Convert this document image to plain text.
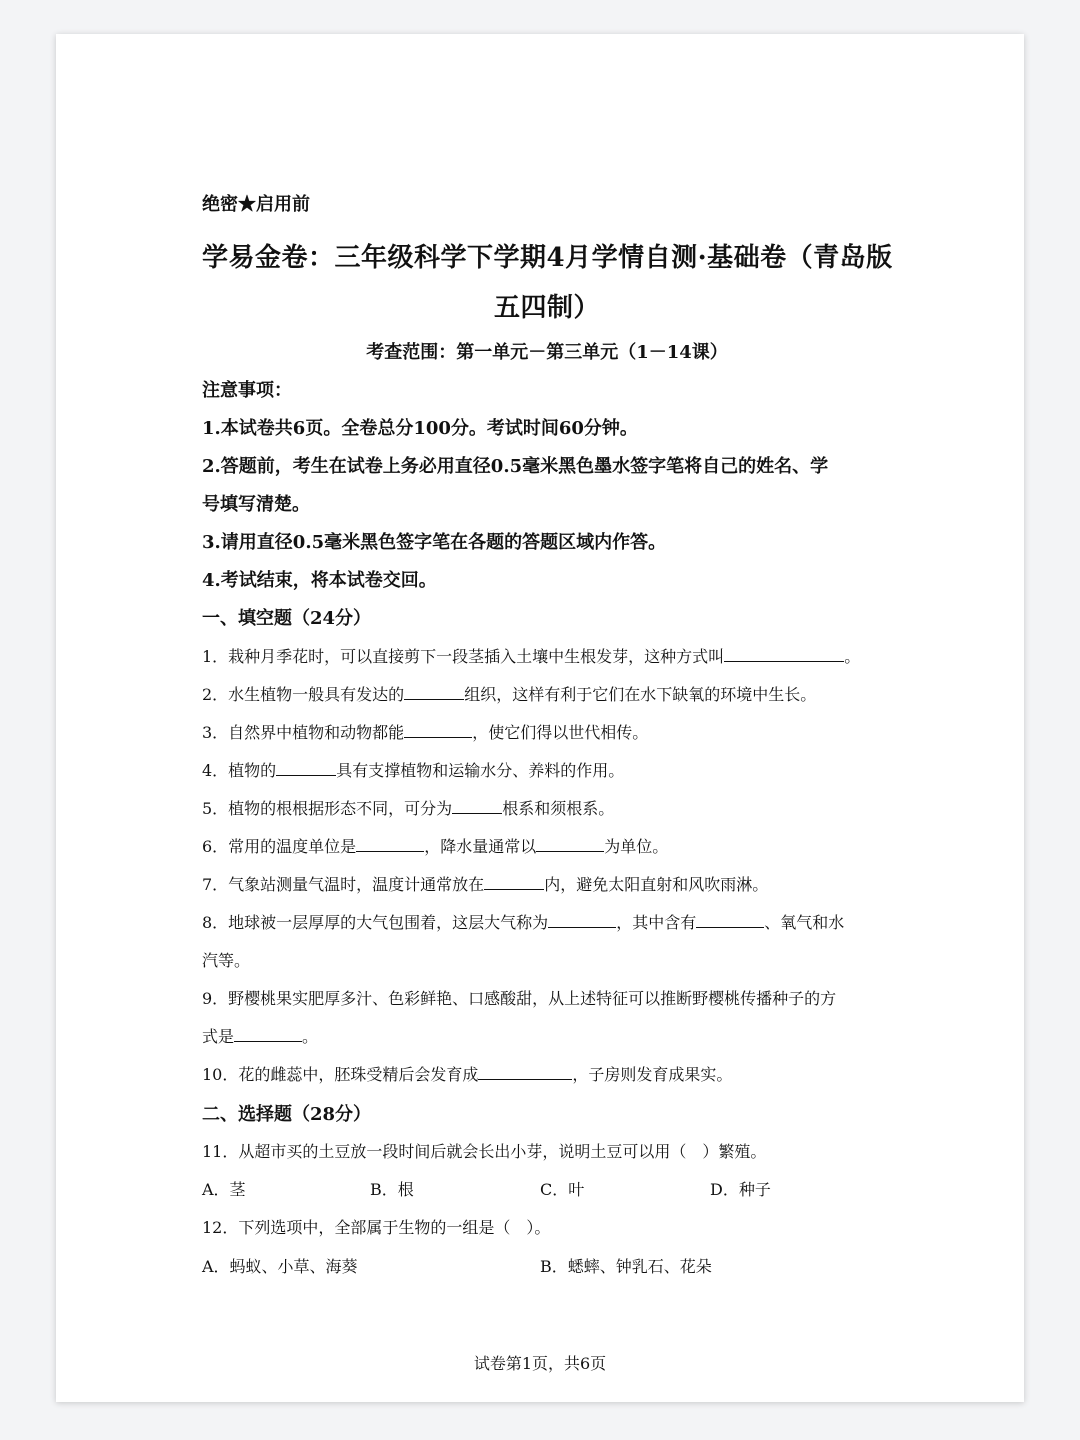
绝密★启用前
学易金卷：三年级科学下学期4月学情自测·基础卷（青岛版
五四制）
考查范围：第一单元－第三单元（1－14课）
注意事项：
1.本试卷共6页。全卷总分100分。考试时间60分钟。
2.答题前，考生在试卷上务必用直径0.5毫米黑色墨水签字笔将自己的姓名、学
号填写清楚。
3.请用直径0.5毫米黑色签字笔在各题的答题区域内作答。
4.考试结束，将本试卷交回。
一、填空题（24分）
1．栽种月季花时，可以直接剪下一段茎插入土壤中生根发芽，这种方式叫	。
2．水生植物一般具有发达的	组织，这样有利于它们在水下缺氧的环境中生长。
3．自然界中植物和动物都能	，使它们得以世代相传。
4．植物的	具有支撑植物和运输水分、养料的作用。
5．植物的根根据形态不同，可分为	根系和须根系。
6．常用的温度单位是	，降水量通常以	为单位。
7．气象站测量气温时，温度计通常放在	内，避免太阳直射和风吹雨淋。
8．地球被一层厚厚的大气包围着，这层大气称为	，其中含有	、氧气和水
汽等。
9．野樱桃果实肥厚多汁、色彩鲜艳、口感酸甜，从上述特征可以推断野樱桃传播种子的方
式是	。
10．花的雌蕊中，胚珠受精后会发育成	，子房则发育成果实。
二、选择题（28分）
11．从超市买的土豆放一段时间后就会长出小芽，说明土豆可以用（　）繁殖。
A．茎	B．根	C．叶	D．种子
12．下列选项中，全部属于生物的一组是（　）。
A．蚂蚁、小草、海葵	B．蟋蟀、钟乳石、花朵
试卷第1页，共6页
